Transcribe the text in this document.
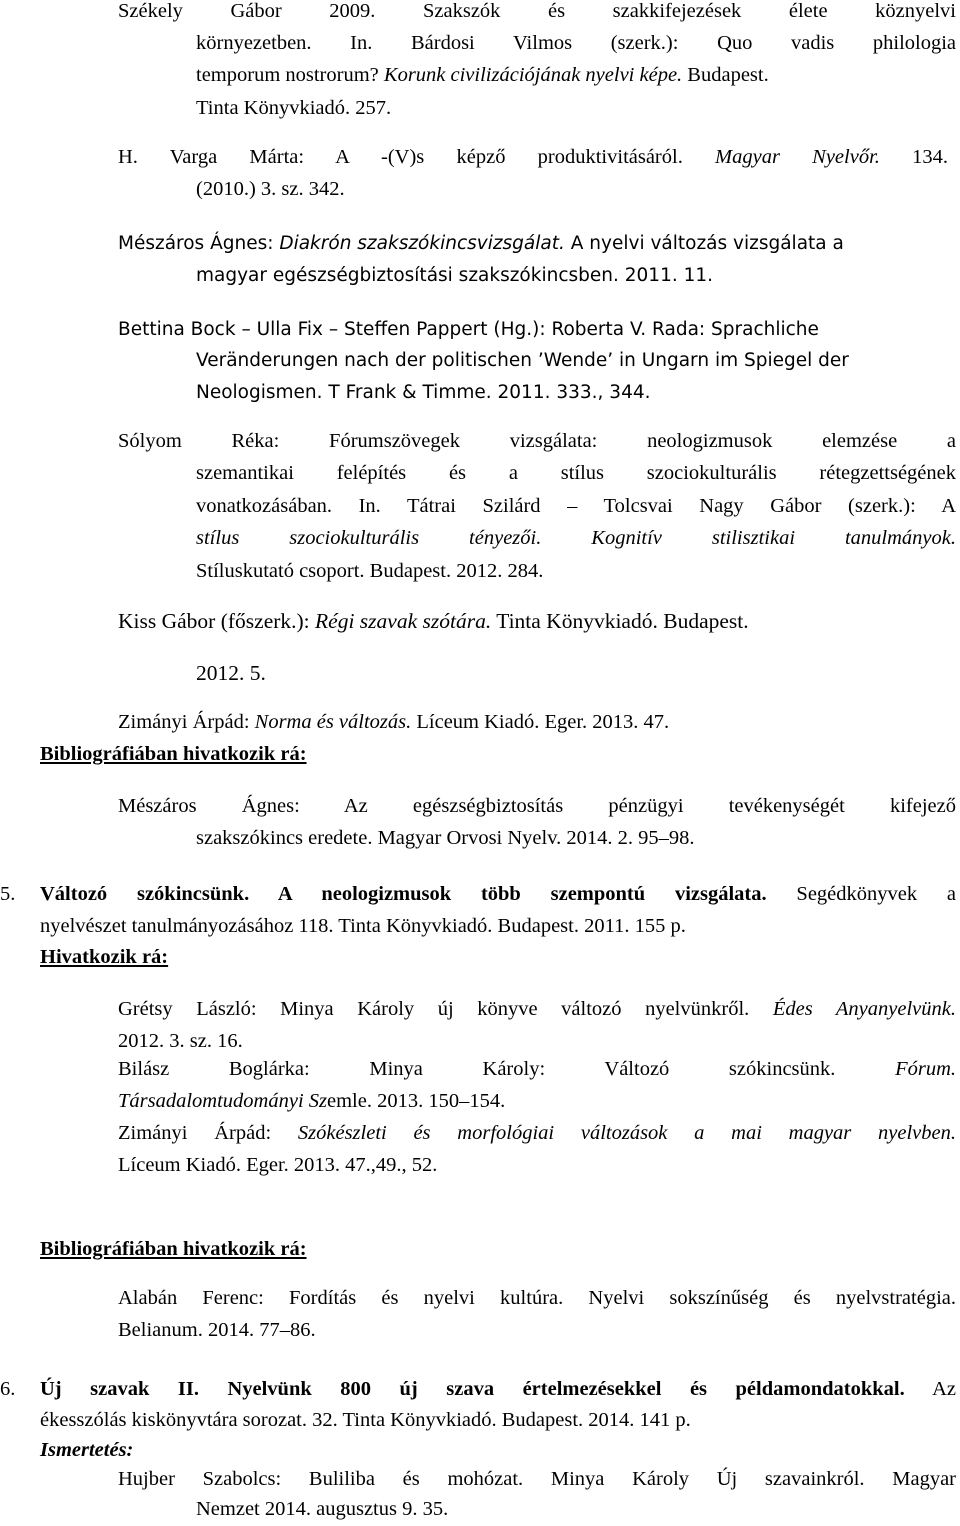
Székely Gábor 2009. Szakszók és szakkifejezések élete köznyelvi
környezetben. In. Bárdosi Vilmos (szerk.): Quo vadis philologia
temporum nostrorum? Korunk civilizációjának nyelvi képe. Budapest.
Tinta Könyvkiadó. 257.
H. Varga Márta: A -(V)s képző produktivitásáról. Magyar Nyelvőr. 134.
(2010.) 3. sz. 342.
Mészáros Ágnes: Diakrón szakszókincsvizsgálat. A nyelvi változás vizsgálata a
magyar egészségbiztosítási szakszókincsben. 2011. 11.
Bettina Bock – Ulla Fix – Steffen Pappert (Hg.): Roberta V. Rada: Sprachliche
Veränderungen nach der politischen ’Wende’ in Ungarn im Spiegel der
Neologismen. T Frank & Timme. 2011. 333., 344.
Sólyom Réka: Fórumszövegek vizsgálata: neologizmusok elemzése a
szemantikai felépítés és a stílus szociokulturális rétegzettségének
vonatkozásában. In. Tátrai Szilárd – Tolcsvai Nagy Gábor (szerk.): A
stílus szociokulturális tényezői. Kognitív stilisztikai tanulmányok.
Stíluskutató csoport. Budapest. 2012. 284.
Kiss Gábor (főszerk.): Régi szavak szótára. Tinta Könyvkiadó. Budapest.
2012. 5.
Zimányi Árpád: Norma és változás. Líceum Kiadó. Eger. 2013. 47.
Bibliográfiában hivatkozik rá:
Mészáros Ágnes: Az egészségbiztosítás pénzügyi tevékenységét kifejező
szakszókincs eredete. Magyar Orvosi Nyelv. 2014. 2. 95–98.
5. Változó szókincsünk. A neologizmusok több szempontú vizsgálata. Segédkönyvek a
nyelvészet tanulmányozásához 118. Tinta Könyvkiadó. Budapest. 2011. 155 p.
Hivatkozik rá:
Grétsy László: Minya Károly új könyve változó nyelvünkről. Édes Anyanyelvünk.
2012. 3. sz. 16.
Bilász Boglárka: Minya Károly: Változó szókincsünk. Fórum.
Társadalomtudományi Szemle. 2013. 150–154.
Zimányi Árpád: Szókészleti és morfológiai változások a mai magyar nyelvben.
Líceum Kiadó. Eger. 2013. 47.,49., 52.
Bibliográfiában hivatkozik rá:
Alabán Ferenc: Fordítás és nyelvi kultúra. Nyelvi sokszínűség és nyelvstratégia.
Belianum. 2014. 77–86.
6. Új szavak II. Nyelvünk 800 új szava értelmezésekkel és példamondatokkal. Az
ékesszólás kiskönyvtára sorozat. 32. Tinta Könyvkiadó. Budapest. 2014. 141 p.
Ismertetés:
Hujber Szabolcs: Buliliba és mohózat. Minya Károly Új szavainkról. Magyar
Nemzet 2014. augusztus 9. 35.
